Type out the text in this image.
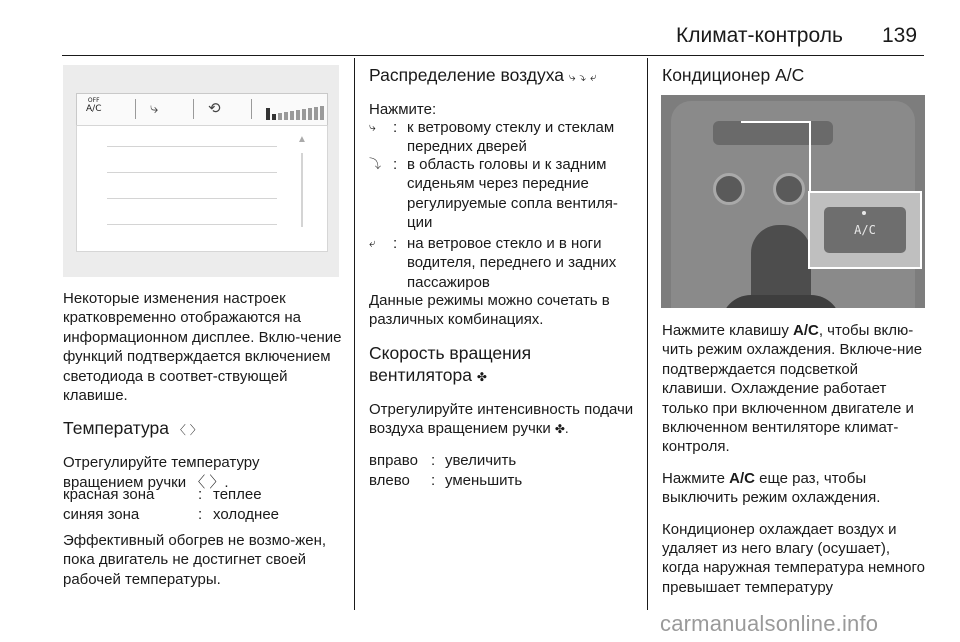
Климат-контроль 139
OFF
A/C	⤷	⟲
▲

Некоторые изменения настроек кратковременно отображаются на информационном дисплее. Вклю-чение функций подтверждается включением светодиода в соответ-ствующей клавише.

Температура 〈 〉

Отрегулируйте температуру вращением ручки 〈 〉.

красная зона	: теплее
синяя зона	: холоднее

Эффективный обогрев не возмо-жен, пока двигатель не достигнет своей рабочей температуры.

Распределение воздуха ⤷ ⤵ ⤶

Нажмите:

⤷ : к ветровому стеклу и стеклам передних дверей
⤵ : в область головы и к задним сиденьям через передние регулируемые сопла вентиля-ции
⤶ : на ветровое стекло и в ноги водителя, переднего и задних пассажиров

Данные режимы можно сочетать в различных комбинациях.

Скорость вращения
вентилятора ✤

Отрегулируйте интенсивность подачи воздуха вращением ручки ✤.

вправо : увеличить
влево : уменьшить
Кондиционер A/C
A/C

Нажмите клавишу A/C, чтобы вклю-чить режим охлаждения. Включе-ние подтверждается подсветкой клавиши. Охлаждение работает только при включенном двигателе и включенном вентиляторе климат-контроля.

Нажмите A/C еще раз, чтобы выключить режим охлаждения.

Кондиционер охлаждает воздух и удаляет из него влагу (осушает), когда наружная температура немного превышает температуру

carmanualsonline.info
